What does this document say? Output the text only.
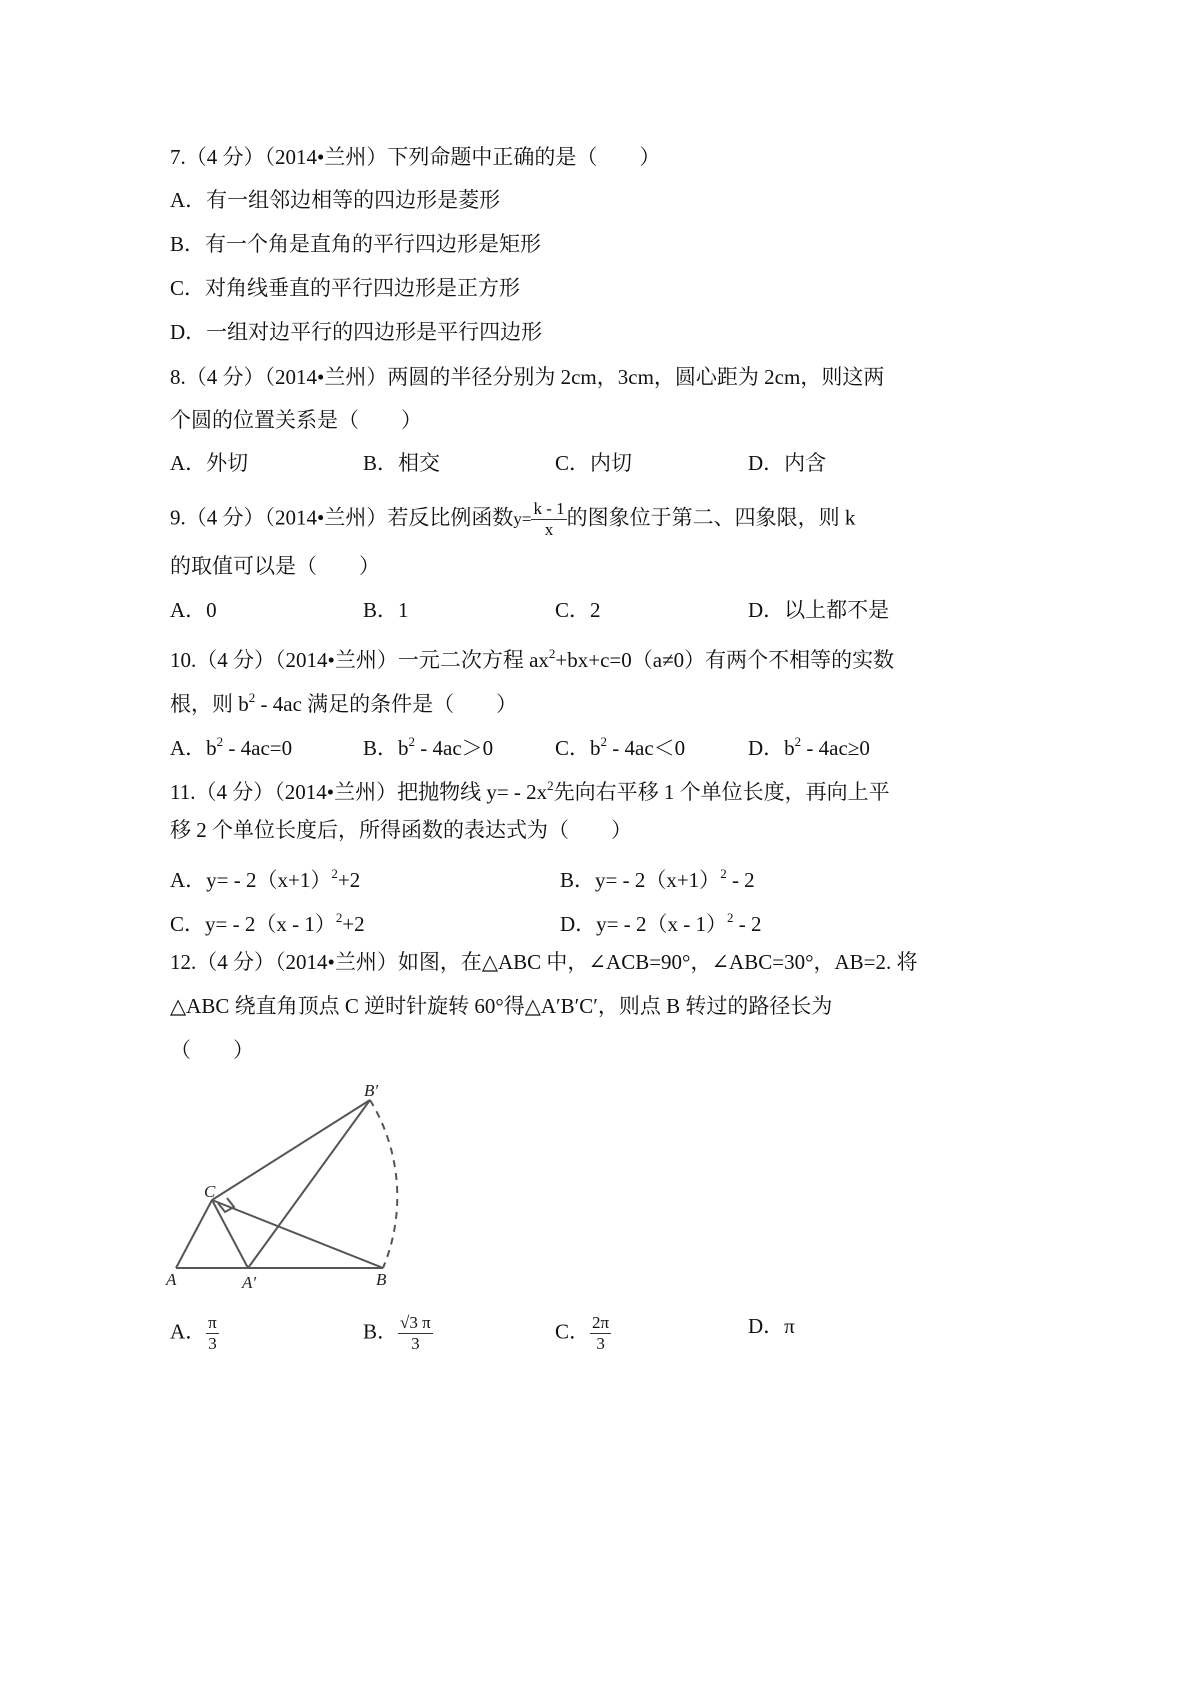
7.（4 分）（2014•兰州）下列命题中正确的是（　　）
A．有一组邻边相等的四边形是菱形
B．有一个角是直角的平行四边形是矩形
C．对角线垂直的平行四边形是正方形
D．一组对边平行的四边形是平行四边形
8.（4 分）（2014•兰州）两圆的半径分别为 2cm，3cm，圆心距为 2cm，则这两
个圆的位置关系是（　　）
A．外切	B．相交	C．内切	D．内含
9.（4 分）（2014•兰州）若反比例函数$y= \frac{k - 1}{x}$ 的图象位于第二、四象限，则 k
的取值可以是（　　）
A．0	B．1	C．2	D．以上都不是
10.（4 分）（2014•兰州）一元二次方程 $ax^2+bx+c=0(a\ne 0)$有两个不相等的实数
根，则 $b^2 - 4ac$ 满足的条件是（　　）
A．$b^2 - 4ac=0$	B．$b^2 - 4ac>0$	C．$b^2 - 4ac<0$	D．$b^2 - 4ac\ge 0$
11.（4 分）（2014•兰州）把抛物线 $y= - 2x^2$先向右平移 1 个单位长度，再向上平
移 2 个单位长度后，所得函数的表达式为（　　）
A．$y= - 2(x+1)^2+2$	B．$y= - 2(x+1)^2 - 2$
C．y= - 2（x - 1）$^2$+2	D．y= - 2（x - 1）$^2$ - 2
12.（4 分）（2014•兰州）如图，在△ABC 中，∠ACB=90°，∠ABC=30°，AB=2. 将
△ABC 绕直角顶点 C 逆时针旋转 60°得△A′B′C′，则点 B 转过的路径长为
（　　）
C
A	A′	B
B′
A． $\frac{\pi}{3}$	B． $\frac{√3 \pi}{3}$	C． $\frac{2\pi}{3}$	D．π
